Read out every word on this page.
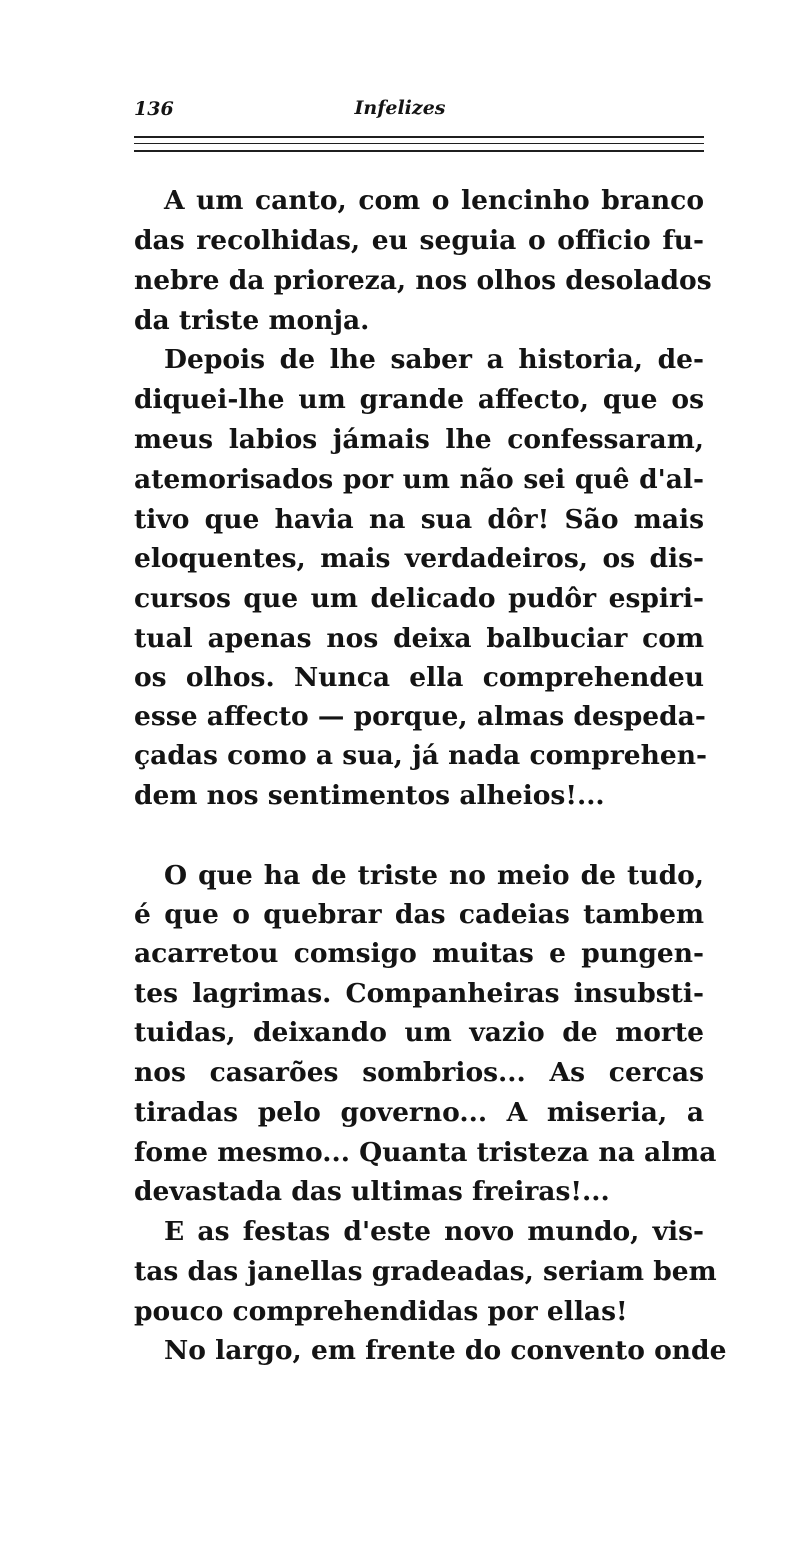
136	Infelizes
A um canto, com o lencinho branco
das recolhidas, eu seguia o officio fu-
nebre da prioreza, nos olhos desolados
da triste monja.
Depois de lhe saber a historia, de-
diquei-lhe um grande affecto, que os
meus labios jámais lhe confessaram,
atemorisados por um não sei quê d'al-
tivo que havia na sua dôr! São mais
eloquentes, mais verdadeiros, os dis-
cursos que um delicado pudôr espiri-
tual apenas nos deixa balbuciar com
os olhos. Nunca ella comprehendeu
esse affecto — porque, almas despeda-
çadas como a sua, já nada comprehen-
dem nos sentimentos alheios!...
O que ha de triste no meio de tudo,
é que o quebrar das cadeias tambem
acarretou comsigo muitas e pungen-
tes lagrimas. Companheiras insubsti-
tuidas, deixando um vazio de morte
nos casarões sombrios... As cercas
tiradas pelo governo... A miseria, a
fome mesmo... Quanta tristeza na alma
devastada das ultimas freiras!...
E as festas d'este novo mundo, vis-
tas das janellas gradeadas, seriam bem
pouco comprehendidas por ellas!
No largo, em frente do convento onde
